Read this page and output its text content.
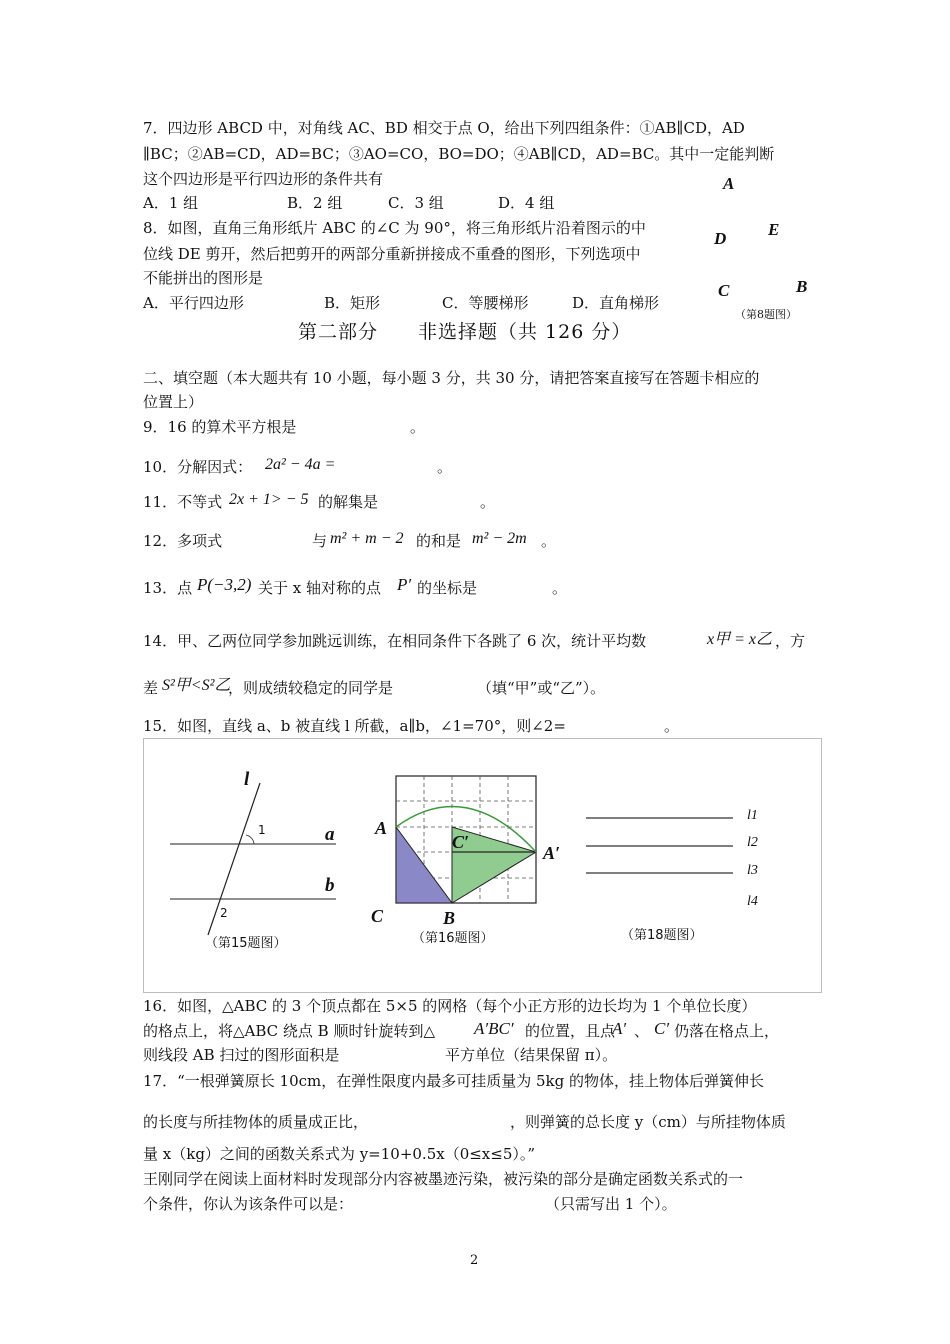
7．四边形 ABCD 中，对角线 AC、BD 相交于点 O，给出下列四组条件：①AB∥CD，AD
∥BC；②AB=CD，AD=BC；③AO=CO，BO=DO；④AB∥CD，AD=BC。其中一定能判断
这个四边形是平行四边形的条件共有
A．1 组	B．2 组	C．3 组	D．4 组
8．如图，直角三角形纸片 ABC 的∠C 为 90°，将三角形纸片沿着图示的中
位线 DE 剪开，然后把剪开的两部分重新拼接成不重叠的图形，下列选项中
不能拼出的图形是
A．平行四边形	B．矩形	C．等腰梯形	D．直角梯形
A
D E
C	B
（第8题图）
第二部分　　非选择题（共 126 分）
二、填空题（本大题共有 10 小题，每小题 3 分，共 30 分，请把答案直接写在答题卡相应的
位置上）
9．16 的算术平方根是	。
10．分解因式： 2a² − 4a =	。
11．不等式 2x + 1> − 5 的解集是	。
12．多项式	与 m² + m − 2 的和是 m² − 2m 。
13．点 P(−3,2) 关于 x 轴对称的点 P′ 的坐标是	。
14．甲、乙两位同学参加跳远训练，在相同条件下各跳了 6 次，统计平均数	x甲 = x乙 ，方
差 S²甲<S²乙
，则成绩较稳定的同学是	（填“甲”或“乙”）。
15．如图，直线 a、b 被直线 l 所截，a∥b，∠1=70°，则∠2=	。
l
a
b
1
2
（第15题图）
A
C′
A′
C	B
（第16题图）
l1
l2
l3
l4
（第18题图）
16．如图，△ABC 的 3 个顶点都在 5×5 的网格（每个小正方形的边长均为 1 个单位长度）
的格点上，将△ABC 绕点 B 顺时针旋转到△ A′BC′ 的位置，且点
A′ 、 C′ 仍落在格点上，
则线段 AB 扫过的图形面积是	平方单位（结果保留 π）。
17．“一根弹簧原长 10cm，在弹性限度内最多可挂质量为 5kg 的物体，挂上物体后弹簧伸长
的长度与所挂物体的质量成正比，	，则弹簧的总长度 y（cm）与所挂物体质
量 x（kg）之间的函数关系式为 y=10+0.5x（0≤x≤5）。”
王刚同学在阅读上面材料时发现部分内容被墨迹污染，被污染的部分是确定函数关系式的一
个条件，你认为该条件可以是：	（只需写出 1 个）。
2
